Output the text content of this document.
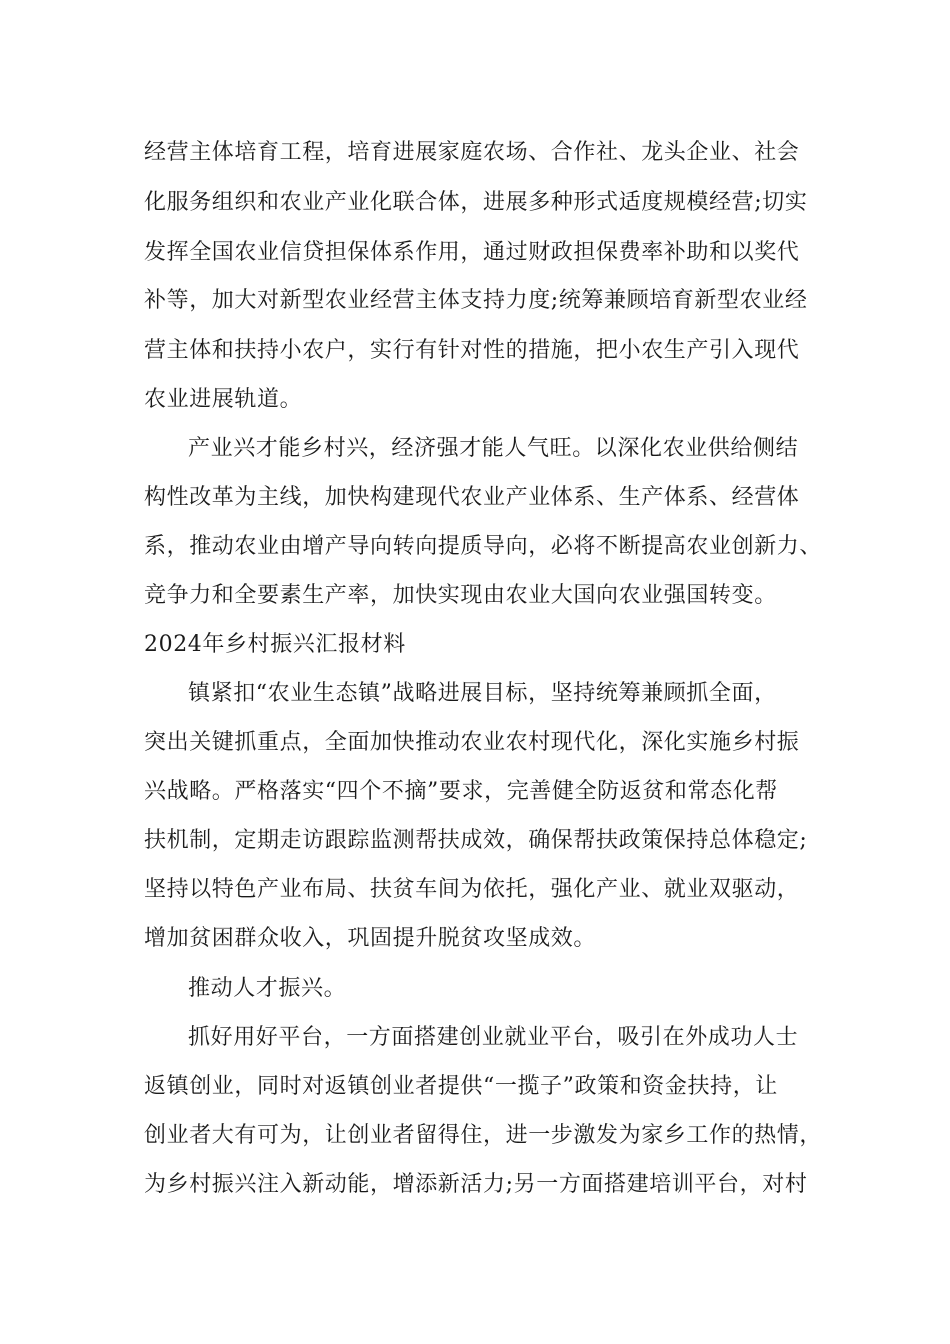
经营主体培育工程，培育进展家庭农场、合作社、龙头企业、社会
化服务组织和农业产业化联合体，进展多种形式适度规模经营;切实
发挥全国农业信贷担保体系作用，通过财政担保费率补助和以奖代
补等，加大对新型农业经营主体支持力度;统筹兼顾培育新型农业经
营主体和扶持小农户，实行有针对性的措施，把小农生产引入现代
农业进展轨道。
产业兴才能乡村兴，经济强才能人气旺。以深化农业供给侧结
构性改革为主线，加快构建现代农业产业体系、生产体系、经营体
系，推动农业由增产导向转向提质导向，必将不断提高农业创新力、
竞争力和全要素生产率，加快实现由农业大国向农业强国转变。
2024年乡村振兴汇报材料
镇紧扣“农业生态镇”战略进展目标，坚持统筹兼顾抓全面，
突出关键抓重点，全面加快推动农业农村现代化，深化实施乡村振
兴战略。严格落实“四个不摘”要求，完善健全防返贫和常态化帮
扶机制，定期走访跟踪监测帮扶成效，确保帮扶政策保持总体稳定;
坚持以特色产业布局、扶贫车间为依托，强化产业、就业双驱动，
增加贫困群众收入，巩固提升脱贫攻坚成效。
推动人才振兴。
抓好用好平台，一方面搭建创业就业平台，吸引在外成功人士
返镇创业，同时对返镇创业者提供“一揽子”政策和资金扶持，让
创业者大有可为，让创业者留得住，进一步激发为家乡工作的热情，
为乡村振兴注入新动能，增添新活力;另一方面搭建培训平台，对村
